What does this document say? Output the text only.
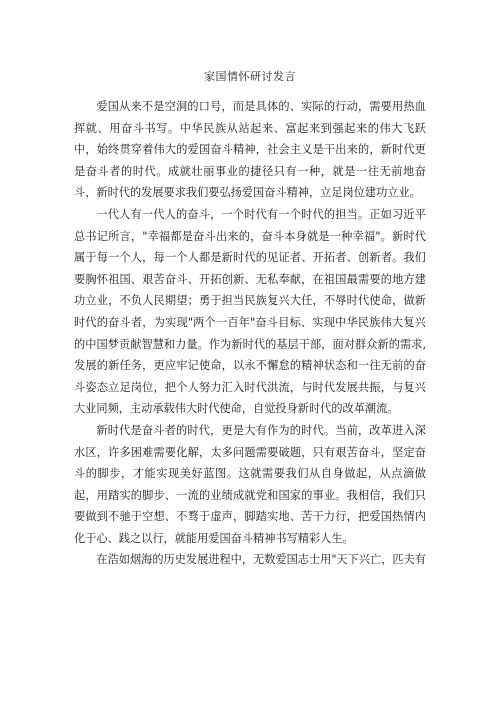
家国情怀研讨发言

爱国从来不是空洞的口号，而是具体的、实际的行动，需要用热血挥就、用奋斗书写。中华民族从站起来、富起来到强起来的伟大飞跃中，始终贯穿着伟大的爱国奋斗精神，社会主义是干出来的，新时代更是奋斗者的时代。成就壮丽事业的捷径只有一种，就是一往无前地奋斗，新时代的发展要求我们要弘扬爱国奋斗精神，立足岗位建功立业。

一代人有一代人的奋斗，一个时代有一个时代的担当。正如习近平总书记所言，"幸福都是奋斗出来的，奋斗本身就是一种幸福"。新时代属于每一个人，每一个人都是新时代的见证者、开拓者、创新者。我们要胸怀祖国、艰苦奋斗、开拓创新、无私奉献，在祖国最需要的地方建功立业，不负人民期望；勇于担当民族复兴大任，不辱时代使命，做新时代的奋斗者，为实现"两个一百年"奋斗目标、实现中华民族伟大复兴的中国梦贡献智慧和力量。作为新时代的基层干部，面对群众新的需求,发展的新任务，更应牢记使命，以永不懈怠的精神状态和一往无前的奋斗姿态立足岗位，把个人努力汇入时代洪流，与时代发展共振，与复兴大业同频，主动承载伟大时代使命，自觉投身新时代的改革潮流。

新时代是奋斗者的时代，更是大有作为的时代。当前，改革进入深水区，许多困难需要化解，太多问题需要破题，只有艰苦奋斗，坚定奋斗的脚步，才能实现美好蓝图。这就需要我们从自身做起，从点滴做起，用踏实的脚步、一流的业绩成就党和国家的事业。我相信，我们只要做到不驰于空想、不骛于虚声，脚踏实地、苦干力行，把爱国热情内化于心、践之以行，就能用爱国奋斗精神书写精彩人生。

在浩如烟海的历史发展进程中，无数爱国志士用"天下兴亡，匹夫有
